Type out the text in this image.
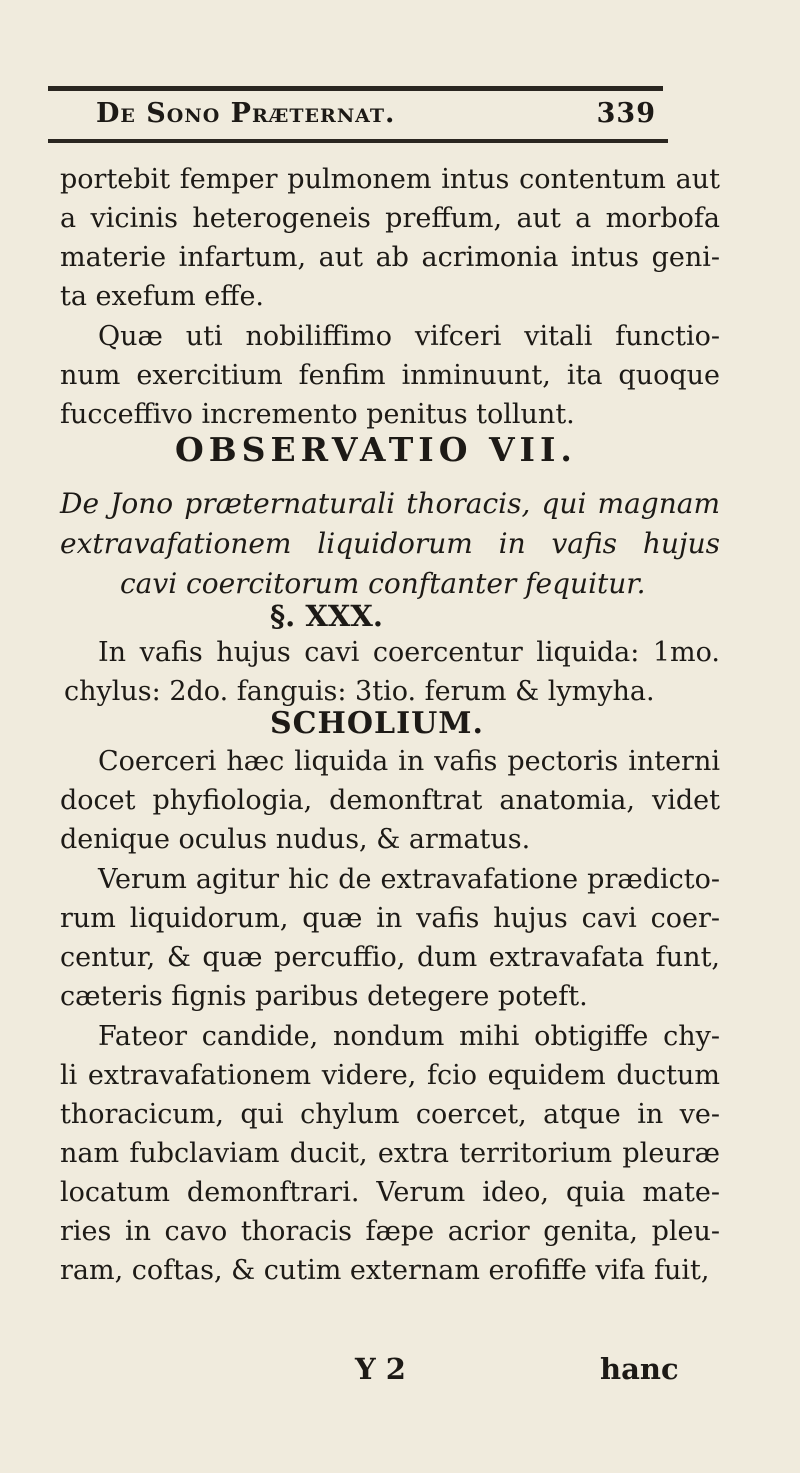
De Sono Præternat.	339
portebit femper pulmonem intus contentum aut
a vicinis heterogeneis preffum, aut a morbofa
materie infartum, aut ab acrimonia intus geni-
ta exefum effe.
Quæ uti nobiliffimo vifceri vitali functio-
num exercitium fenfim inminuunt, ita quoque
fucceffivo incremento penitus tollunt.
OBSERVATIO VII.
De Jono præternaturali thoracis, qui magnam
extravafationem liquidorum in vafis hujus
cavi coercitorum conftanter fequitur.
§. XXX.
In vafis hujus cavi coercentur liquida: 1mo.
chylus: 2do. fanguis: 3tio. ferum & lymyha.
SCHOLIUM.
Coerceri hæc liquida in vafis pectoris interni
docet phyfiologia, demonftrat anatomia, videt
denique oculus nudus, & armatus.
Verum agitur hic de extravafatione prædicto-
rum liquidorum, quæ in vafis hujus cavi coer-
centur, & quæ percuffio, dum extravafata funt,
cæteris fignis paribus detegere poteft.
Fateor candide, nondum mihi obtigiffe chy-
li extravafationem videre, fcio equidem ductum
thoracicum, qui chylum coercet, atque in ve-
nam fubclaviam ducit, extra territorium pleuræ
locatum demonftrari. Verum ideo, quia mate-
ries in cavo thoracis fæpe acrior genita, pleu-
ram, coftas, & cutim externam erofiffe vifa fuit,
Y 2	hanc
